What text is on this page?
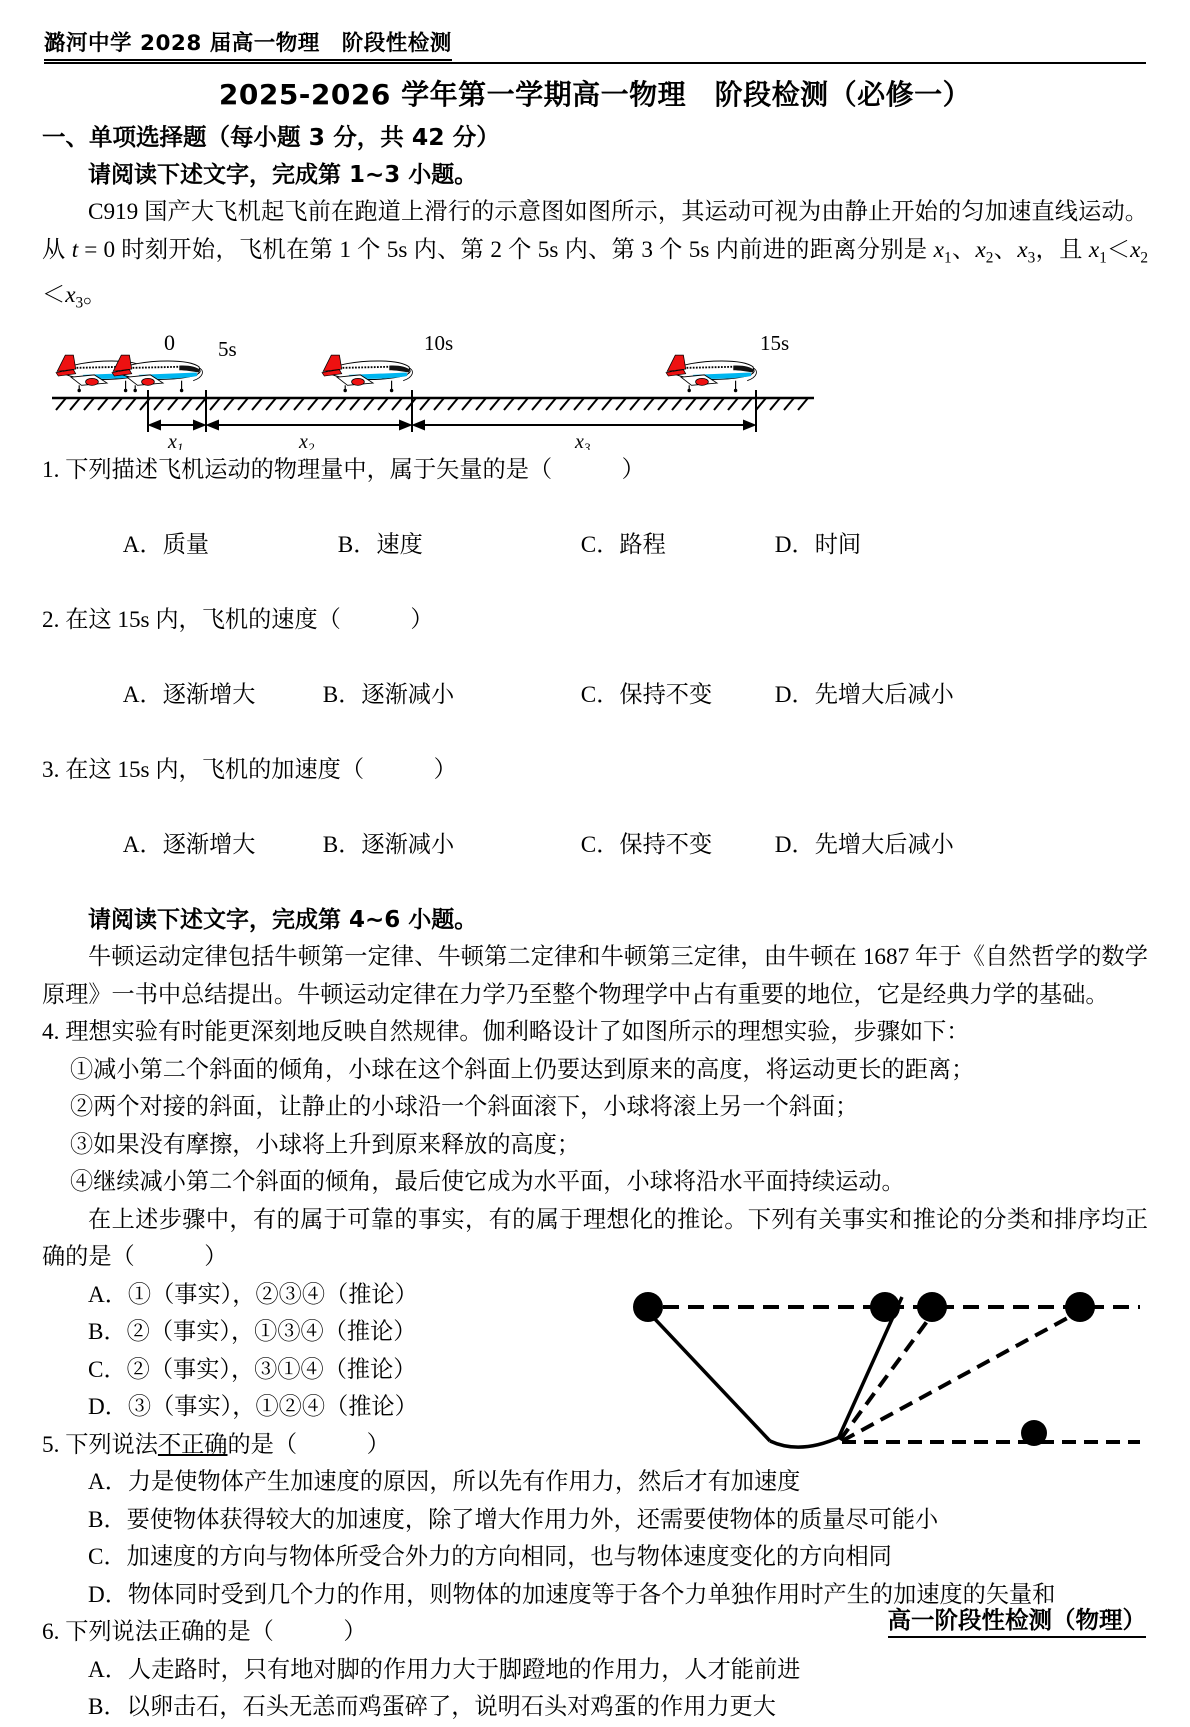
潞河中学 2028 届高一物理　阶段性检测
2025-2026 学年第一学期高一物理　阶段检测（必修一）
一、单项选择题（每小题 3 分，共 42 分）
请阅读下述文字，完成第 1~3 小题。
C919 国产大飞机起飞前在跑道上滑行的示意图如图所示，其运动可视为由静止开始的匀加速直线运动。从 t = 0 时刻开始，飞机在第 1 个 5s 内、第 2 个 5s 内、第 3 个 5s 内前进的距离分别是 $x_1$、$x_2$、$x_3$，且 $x_1<x_2<x_3$。
0 5s	10s	15s
$x_1$	$x_2$	$x_3$
1. 下列描述飞机运动的物理量中，属于矢量的是（　　　）

A．质量	B．速度	C．路程	D．时间

2. 在这 15s 内，飞机的速度（　　　）

A．逐渐增大	B．逐渐减小	C．保持不变	D．先增大后减小

3. 在这 15s 内，飞机的加速度（　　　）

A．逐渐增大	B．逐渐减小	C．保持不变	D．先增大后减小

请阅读下述文字，完成第 4~6 小题。
牛顿运动定律包括牛顿第一定律、牛顿第二定律和牛顿第三定律，由牛顿在 1687 年于《自然哲学的数学原理》一书中总结提出。牛顿运动定律在力学乃至整个物理学中占有重要的地位，它是经典力学的基础。
4. 理想实验有时能更深刻地反映自然规律。伽利略设计了如图所示的理想实验，步骤如下：
①减小第二个斜面的倾角，小球在这个斜面上仍要达到原来的高度，将运动更长的距离；
②两个对接的斜面，让静止的小球沿一个斜面滚下，小球将滚上另一个斜面；
③如果没有摩擦，小球将上升到原来释放的高度；
④继续减小第二个斜面的倾角，最后使它成为水平面，小球将沿水平面持续运动。
在上述步骤中，有的属于可靠的事实，有的属于理想化的推论。下列有关事实和推论的分类和排序均正确的是（　　　）
A．①（事实），②③④（推论）
B．②（事实），①③④（推论）
C．②（事实），③①④（推论）
D．③（事实），①②④（推论）
5. 下列说法不正确的是（　　　）
A．力是使物体产生加速度的原因，所以先有作用力，然后才有加速度
B．要使物体获得较大的加速度，除了增大作用力外，还需要使物体的质量尽可能小
C．加速度的方向与物体所受合外力的方向相同，也与物体速度变化的方向相同
D．物体同时受到几个力的作用，则物体的加速度等于各个力单独作用时产生的加速度的矢量和
6. 下列说法正确的是（　　　）
A．人走路时，只有地对脚的作用力大于脚蹬地的作用力，人才能前进
B．以卵击石，石头无恙而鸡蛋碎了，说明石头对鸡蛋的作用力更大
高一阶段性检测（物理）
